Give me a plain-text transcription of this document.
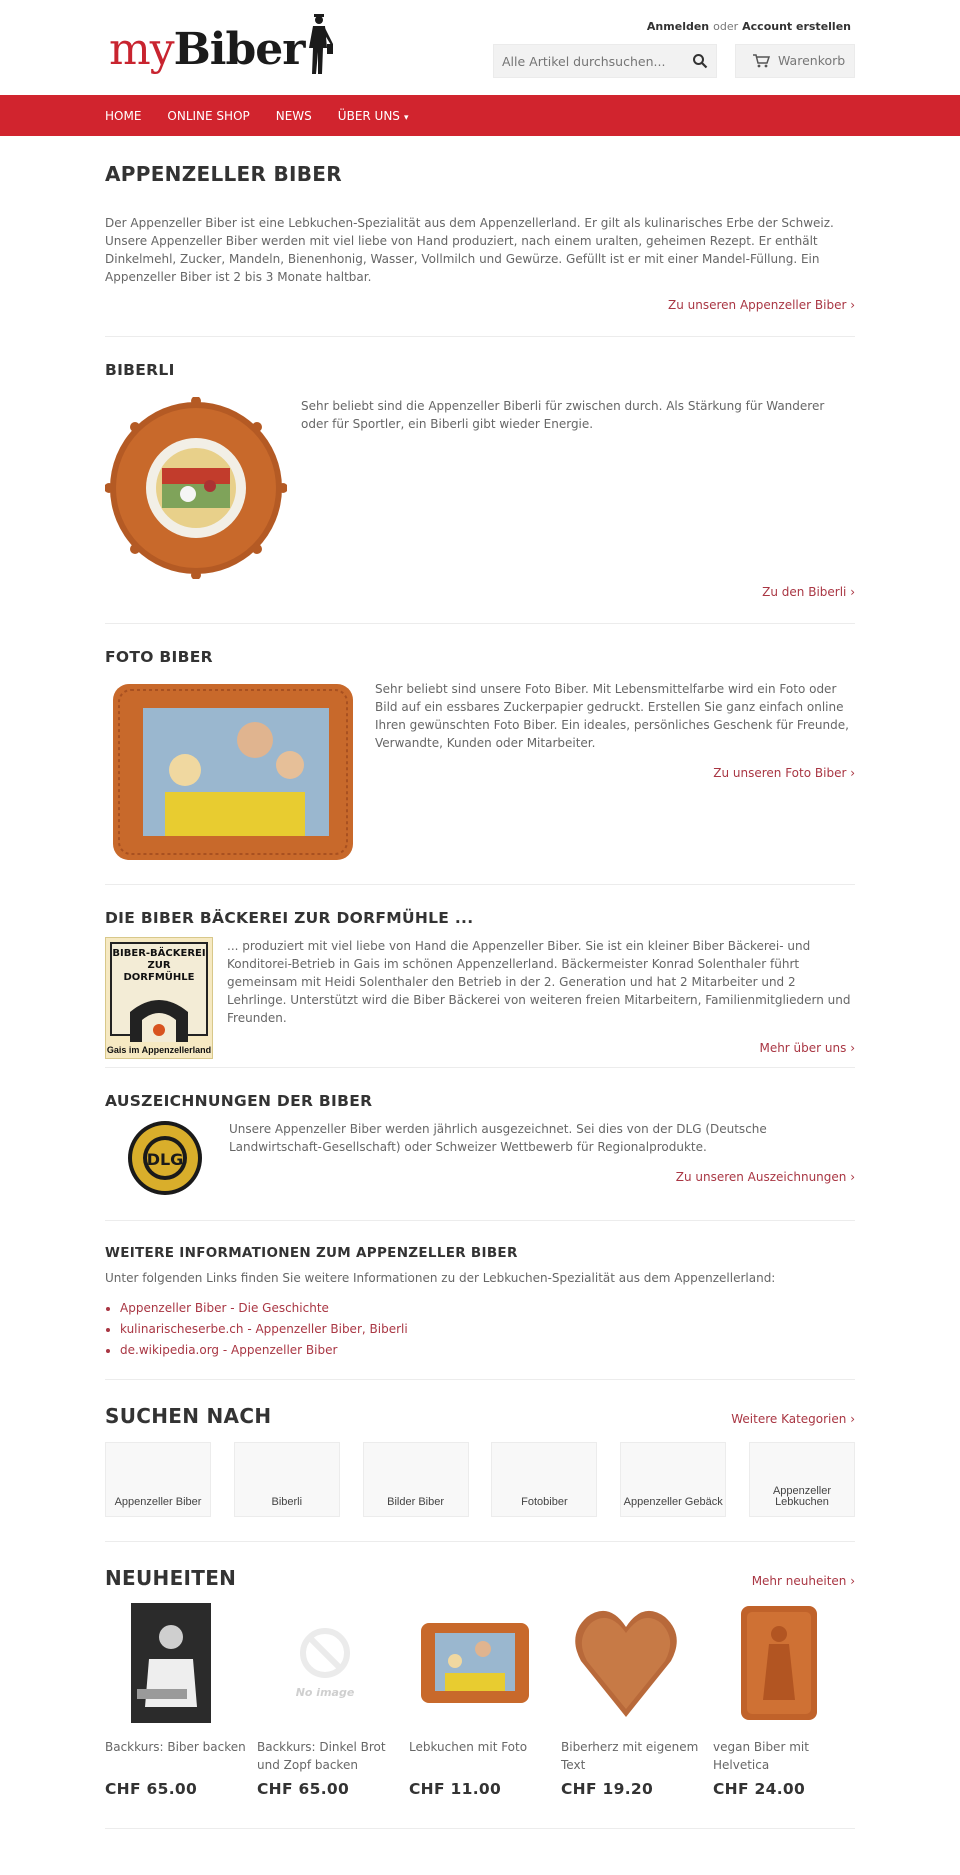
myBiber	Anmelden oder Account erstellen
Alle Artikel durchsuchen...
Warenkorb
HOME ONLINE SHOP NEWS ÜBER UNS ▾
APPENZELLER BIBER

Der Appenzeller Biber ist eine Lebkuchen-Spezialität aus dem Appenzellerland. Er gilt als kulinarisches Erbe der Schweiz. Unsere Appenzeller Biber werden mit viel liebe von Hand produziert, nach einem uralten, geheimen Rezept. Er enthält Dinkelmehl, Zucker, Mandeln, Bienenhonig, Wasser, Vollmilch und Gewürze. Gefüllt ist er mit einer Mandel-Füllung. Ein Appenzeller Biber ist 2 bis 3 Monate haltbar.

Zu unseren Appenzeller Biber ›
BIBERLI

Sehr beliebt sind die Appenzeller Biberli für zwischen durch. Als Stärkung für Wanderer oder für Sportler, ein Biberli gibt wieder Energie.

Zu den Biberli ›
FOTO BIBER

Sehr beliebt sind unsere Foto Biber. Mit Lebensmittelfarbe wird ein Foto oder Bild auf ein essbares Zuckerpapier gedruckt. Erstellen Sie ganz einfach online Ihren gewünschten Foto Biber. Ein ideales, persönliches Geschenk für Freunde, Verwandte, Kunden oder Mitarbeiter.

Zu unseren Foto Biber ›
DIE BIBER BÄCKEREI ZUR DORFMÜHLE ...
BIBER-BÄCKEREI
ZUR DORFMÜHLE
Gais im Appenzellerland

... produziert mit viel liebe von Hand die Appenzeller Biber. Sie ist ein kleiner Biber Bäckerei- und Konditorei-Betrieb in Gais im schönen Appenzellerland. Bäckermeister Konrad Solenthaler führt gemeinsam mit Heidi Solenthaler den Betrieb in der 2. Generation und hat 2 Mitarbeiter und 2 Lehrlinge. Unterstützt wird die Biber Bäckerei von weiteren freien Mitarbeitern, Familienmitgliedern und Freunden.

Mehr über uns ›
AUSZEICHNUNGEN DER BIBER
DLG

Unsere Appenzeller Biber werden jährlich ausgezeichnet. Sei dies von der DLG (Deutsche Landwirtschaft-Gesellschaft) oder Schweizer Wettbewerb für Regionalprodukte.

Zu unseren Auszeichnungen ›
WEITERE INFORMATIONEN ZUM APPENZELLER BIBER

Unter folgenden Links finden Sie weitere Informationen zu der Lebkuchen-Spezialität aus dem Appenzellerland:

• Appenzeller Biber - Die Geschichte
• kulinarischeserbe.ch - Appenzeller Biber, Biberli
• de.wikipedia.org - Appenzeller Biber
SUCHEN NACH	Weitere Kategorien ›
Appenzeller Biber	Biberli	Bilder Biber	Fotobiber	Appenzeller Gebäck
Appenzeller Lebkuchen
NEUHEITEN	Mehr neuheiten ›
Backkurs: Biber backen
CHF 65.00
No image
Backkurs: Dinkel Brot und Zopf backen
CHF 65.00
Lebkuchen mit Foto
CHF 11.00
Biberherz mit eigenem Text
CHF 19.20
vegan Biber mit Helvetica
CHF 24.00
